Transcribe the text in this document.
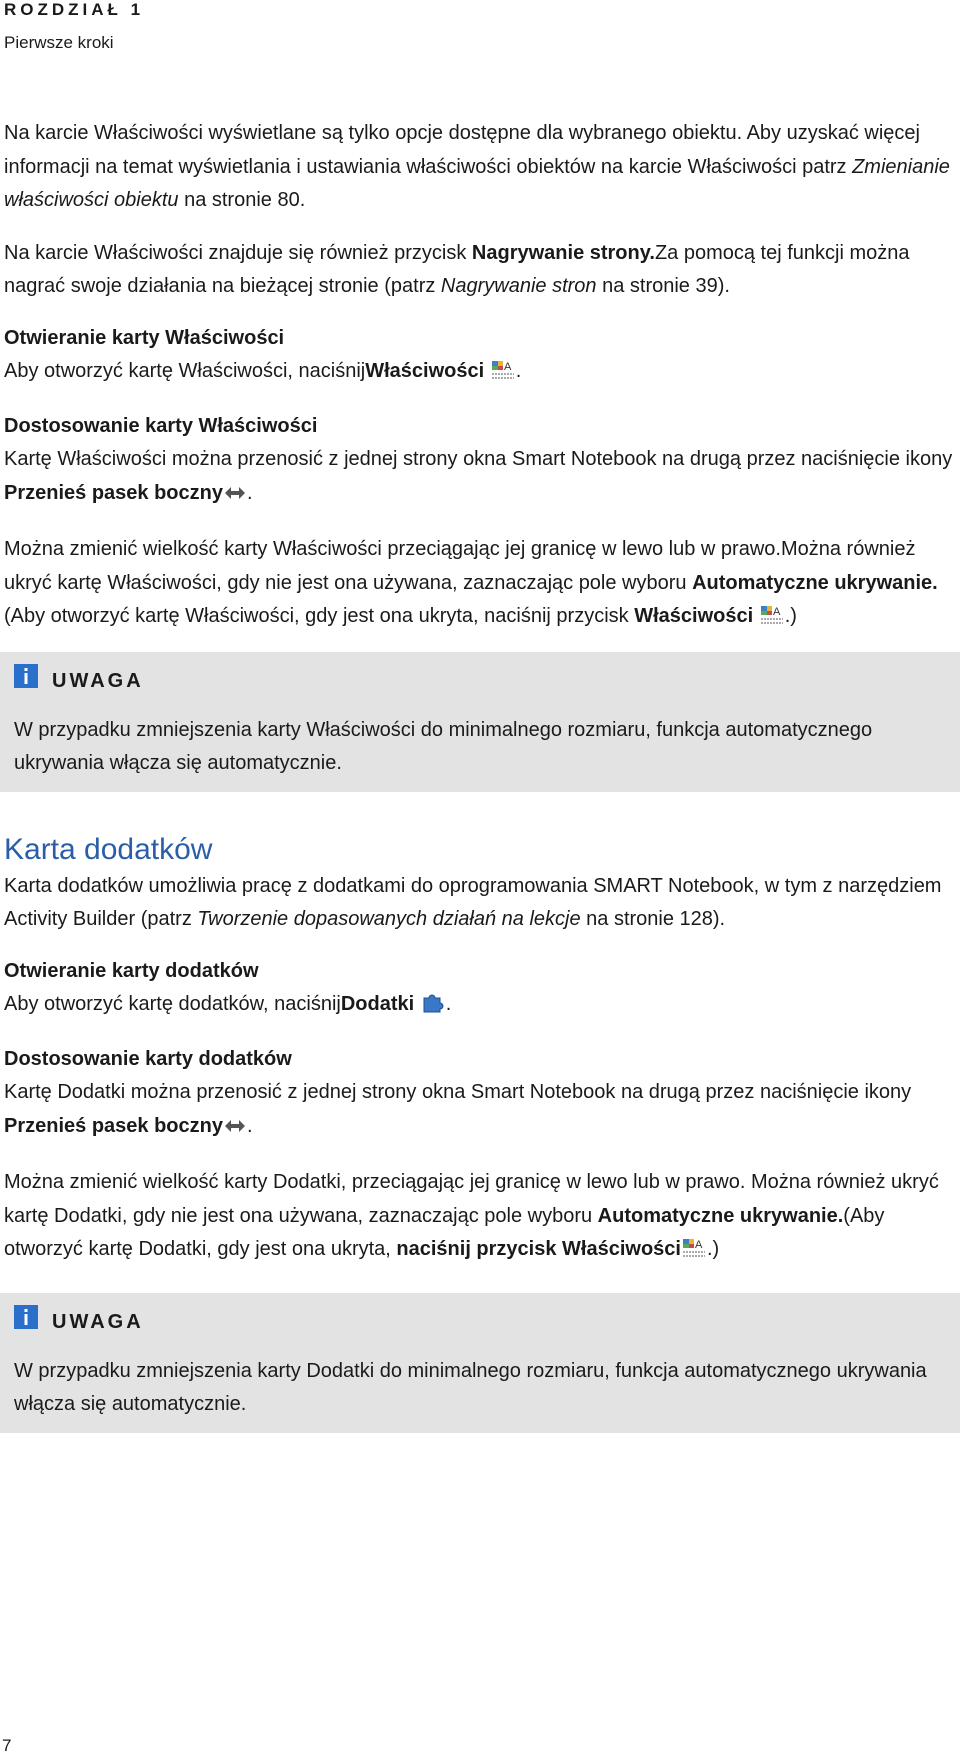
ROZDZIAŁ 1
Pierwsze kroki

Na karcie Właściwości wyświetlane są tylko opcje dostępne dla wybranego obiektu. Aby uzyskać więcej informacji na temat wyświetlania i ustawiania właściwości obiektów na karcie Właściwości patrz Zmienianie właściwości obiektu na stronie 80.

Na karcie Właściwości znajduje się również przycisk Nagrywanie strony.Za pomocą tej funkcji można nagrać swoje działania na bieżącej stronie (patrz Nagrywanie stron na stronie 39).

Otwieranie karty Właściwości

Aby otworzyć kartę Właściwości, naciśnijWłaściwości A .

Dostosowanie karty Właściwości

Kartę Właściwości można przenosić z jednej strony okna Smart Notebook na drugą przez naciśnięcie ikony Przenieś pasek boczny .

Można zmienić wielkość karty Właściwości przeciągając jej granicę w lewo lub w prawo.Można również ukryć kartę Właściwości, gdy nie jest ona używana, zaznaczając pole wyboru Automatyczne ukrywanie.(Aby otworzyć kartę Właściwości, gdy jest ona ukryta, naciśnij przycisk Właściwości A .)

UWAGA

W przypadku zmniejszenia karty Właściwości do minimalnego rozmiaru, funkcja automatycznego ukrywania włącza się automatycznie.

Karta dodatków

Karta dodatków umożliwia pracę z dodatkami do oprogramowania SMART Notebook, w tym z narzędziem Activity Builder (patrz Tworzenie dopasowanych działań na lekcje na stronie 128).

Otwieranie karty dodatków

Aby otworzyć kartę dodatków, naciśnijDodatki .

Dostosowanie karty dodatków

Kartę Dodatki można przenosić z jednej strony okna Smart Notebook na drugą przez naciśnięcie ikony Przenieś pasek boczny .

Można zmienić wielkość karty Dodatki, przeciągając jej granicę w lewo lub w prawo. Można również ukryć kartę Dodatki, gdy nie jest ona używana, zaznaczając pole wyboru Automatyczne ukrywanie.(Aby otworzyć kartę Dodatki, gdy jest ona ukryta, naciśnij przycisk Właściwości A .)

UWAGA

W przypadku zmniejszenia karty Dodatki do minimalnego rozmiaru, funkcja automatycznego ukrywania włącza się automatycznie.

7
